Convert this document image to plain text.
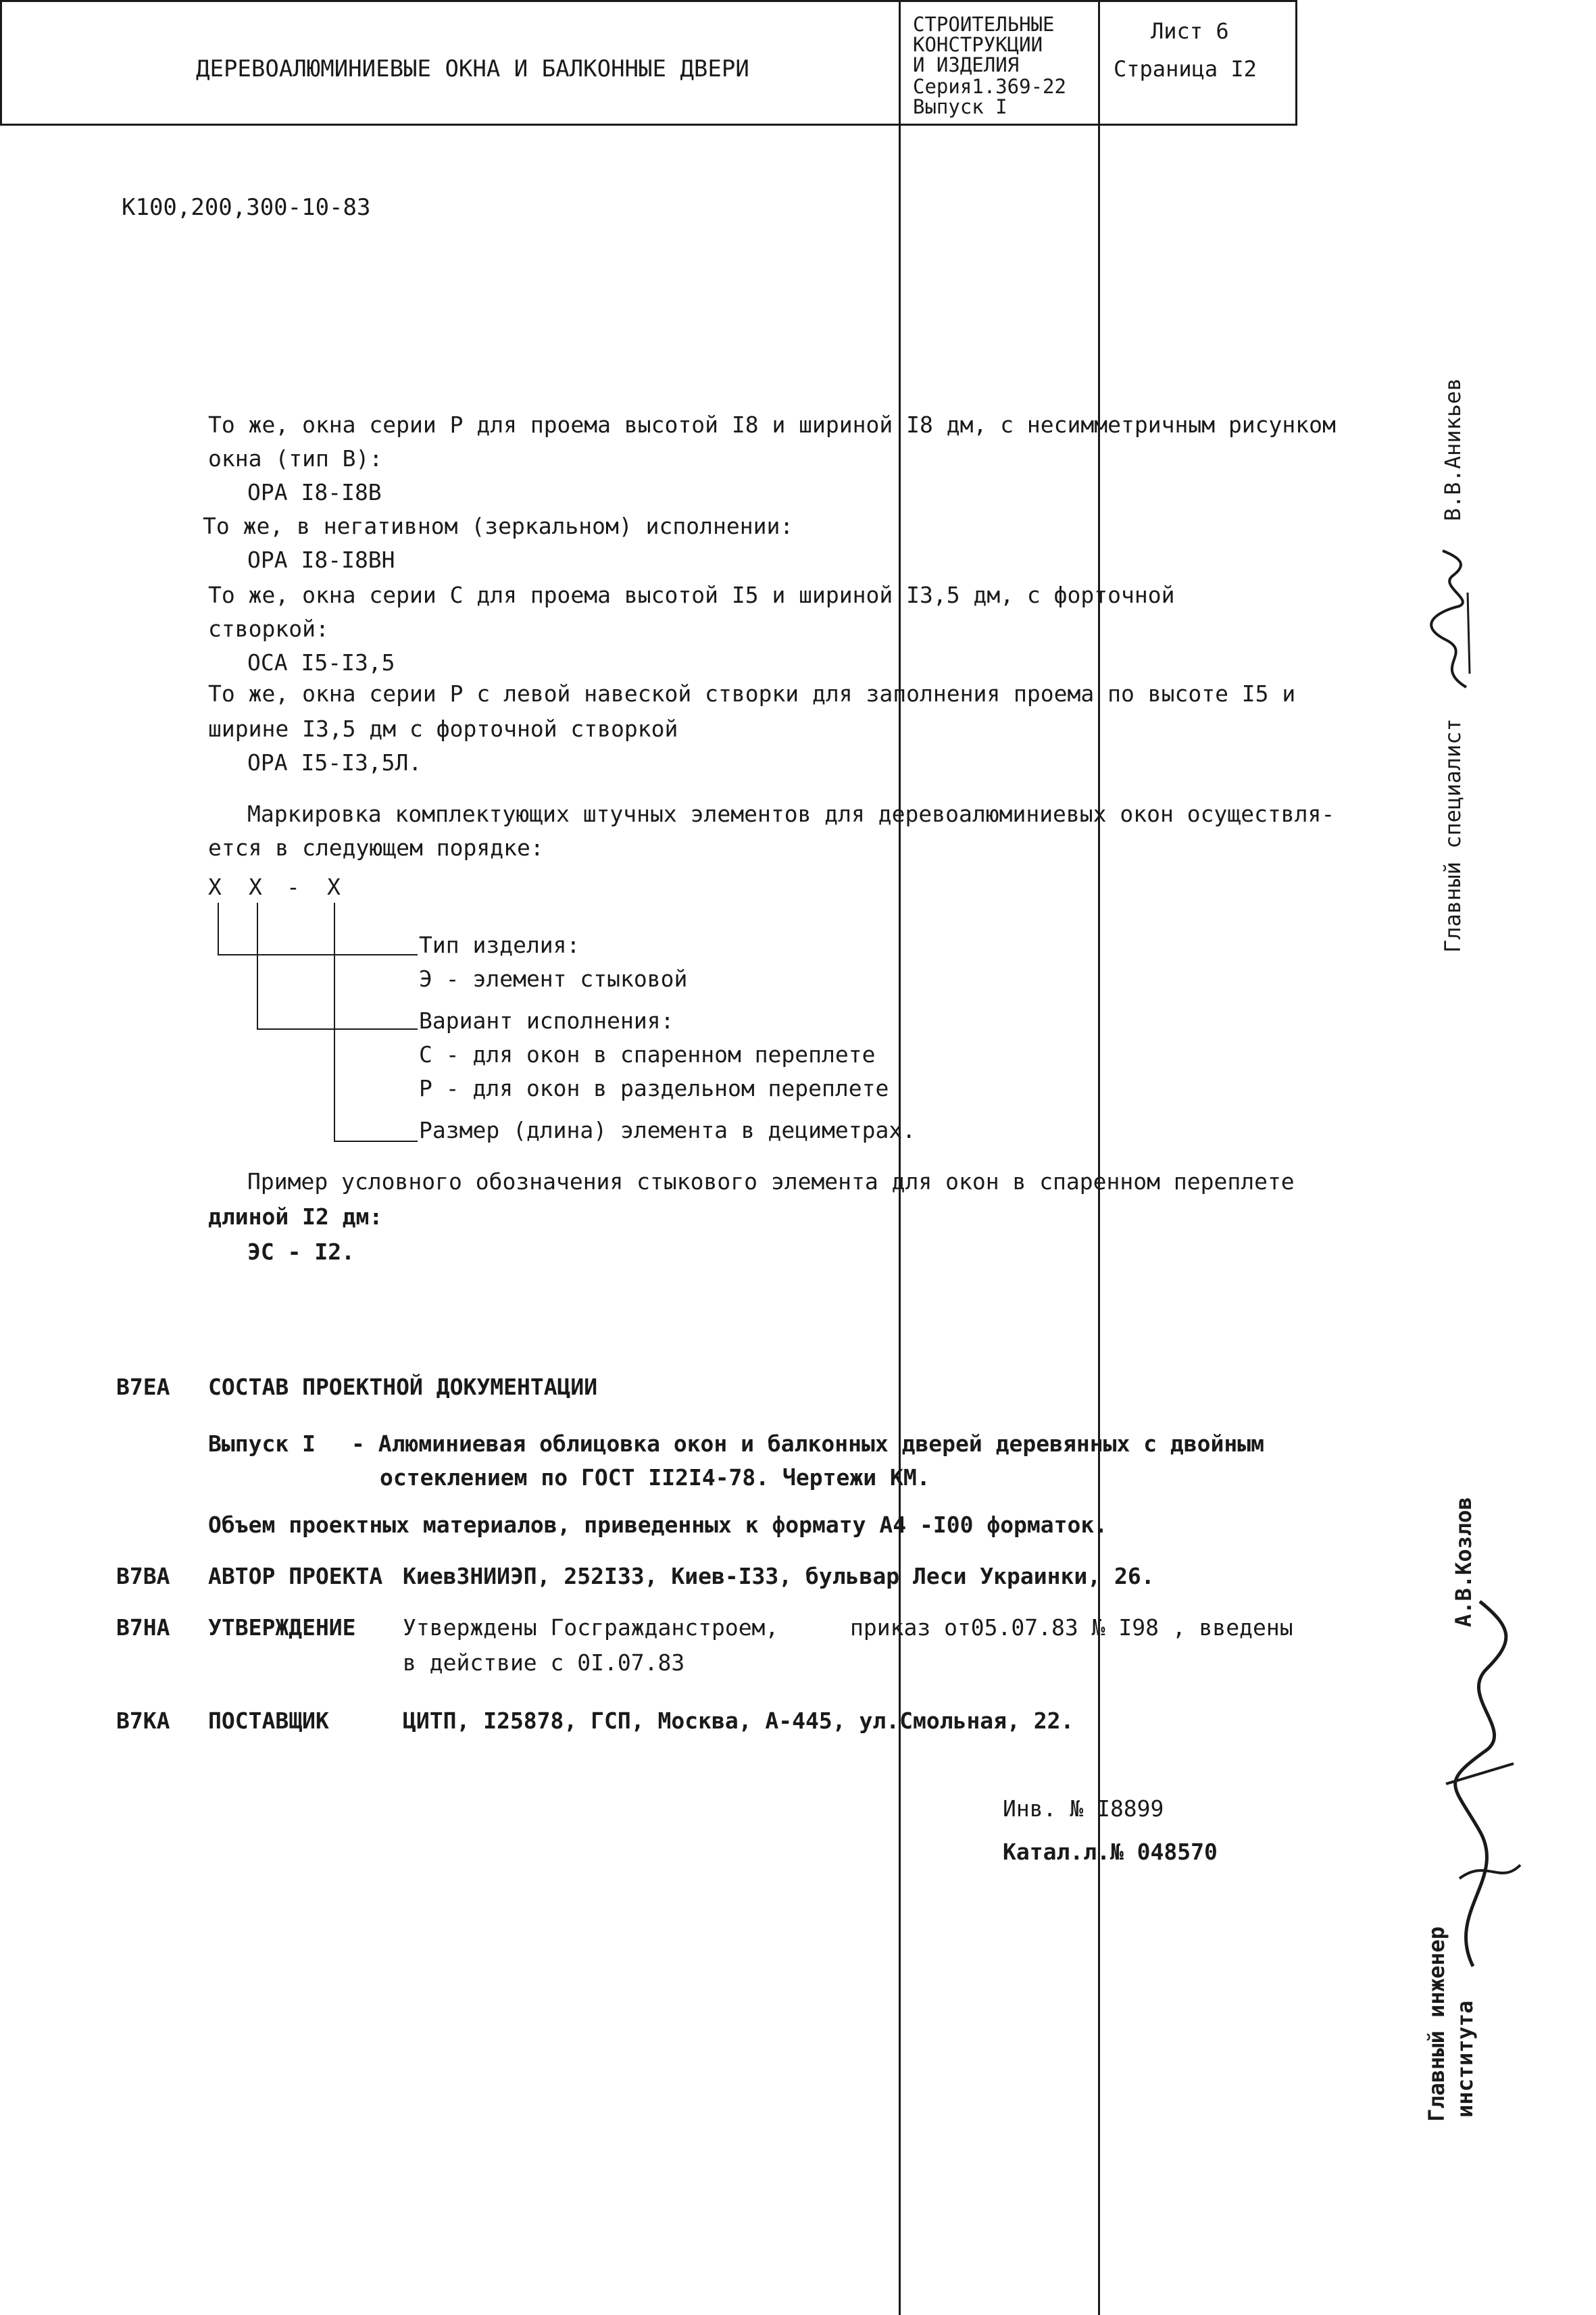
К100,200,300-10-83
ДЕРЕВОАЛЮМИНИЕВЫЕ ОКНА И БАЛКОННЫЕ ДВЕРИ
СТРОИТЕЛЬНЫЕ
КОНСТРУКЦИИ
И ИЗДЕЛИЯ
Серия1.369-22
Выпуск I
Лист 6
Страница I2
То же, окна серии Р для проема высотой I8 и шириной I8 дм, с несимметричным рисунком
окна (тип В):
ОРА I8-I8В
То же, в негативном (зеркальном) исполнении:
ОРА I8-I8ВН
То же, окна серии С для проема высотой I5 и шириной I3,5 дм, с форточной
створкой:
ОСА I5-I3,5
То же, окна серии Р с левой навеской створки для заполнения проема по высоте I5 и
ширине I3,5 дм с форточной створкой
ОРА I5-I3,5Л.
Маркировка комплектующих штучных элементов для деревоалюминиевых окон осуществля-
ется в следующем порядке:
Х Х - Х
Тип изделия:
Э - элемент стыковой
Вариант исполнения:
С - для окон в спаренном переплете
Р - для окон в раздельном переплете
Размер (длина) элемента в дециметрах.
Пример условного обозначения стыкового элемента для окон в спаренном переплете
длиной I2 дм:
ЭС - I2.
В7ЕА СОСТАВ ПРОЕКТНОЙ ДОКУМЕНТАЦИИ
Выпуск I - Алюминиевая облицовка окон и балконных дверей деревянных с двойным
остеклением по ГОСТ II2I4-78. Чертежи КМ.
Объем проектных материалов, приведенных к формату А4 -I00 форматок.
В7ВА АВТОР ПРОЕКТА КиевЗНИИЭП, 252I33, Киев-I33, бульвар Леси Украинки, 26.
В7НА УТВЕРЖДЕНИЕ Утверждены Госгражданстроем,	приказ от05.07.83 № I98 , введены
в действие с 0I.07.83
В7КА ПОСТАВЩИК	ЦИТП, I25878, ГСП, Москва, А-445, ул.Смольная, 22.
Инв. № I8899
Катал.л.№ 048570
Главный специалист
В.В.Аникьев
Главный инженер института
А.В.Козлов
